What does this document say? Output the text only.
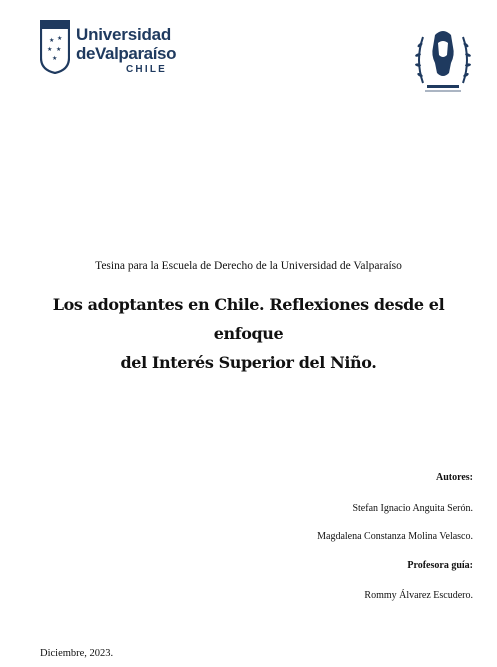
★ ★
★ ★
★
Universidad
deValparaíso
CHILE
Tesina para la Escuela de Derecho de la Universidad de Valparaíso
Los adoptantes en Chile. Reflexiones desde el enfoque
del Interés Superior del Niño.
Autores:
Stefan Ignacio Anguita Serón.
Magdalena Constanza Molina Velasco.
Profesora guía:
Rommy Álvarez Escudero.
Diciembre, 2023.
